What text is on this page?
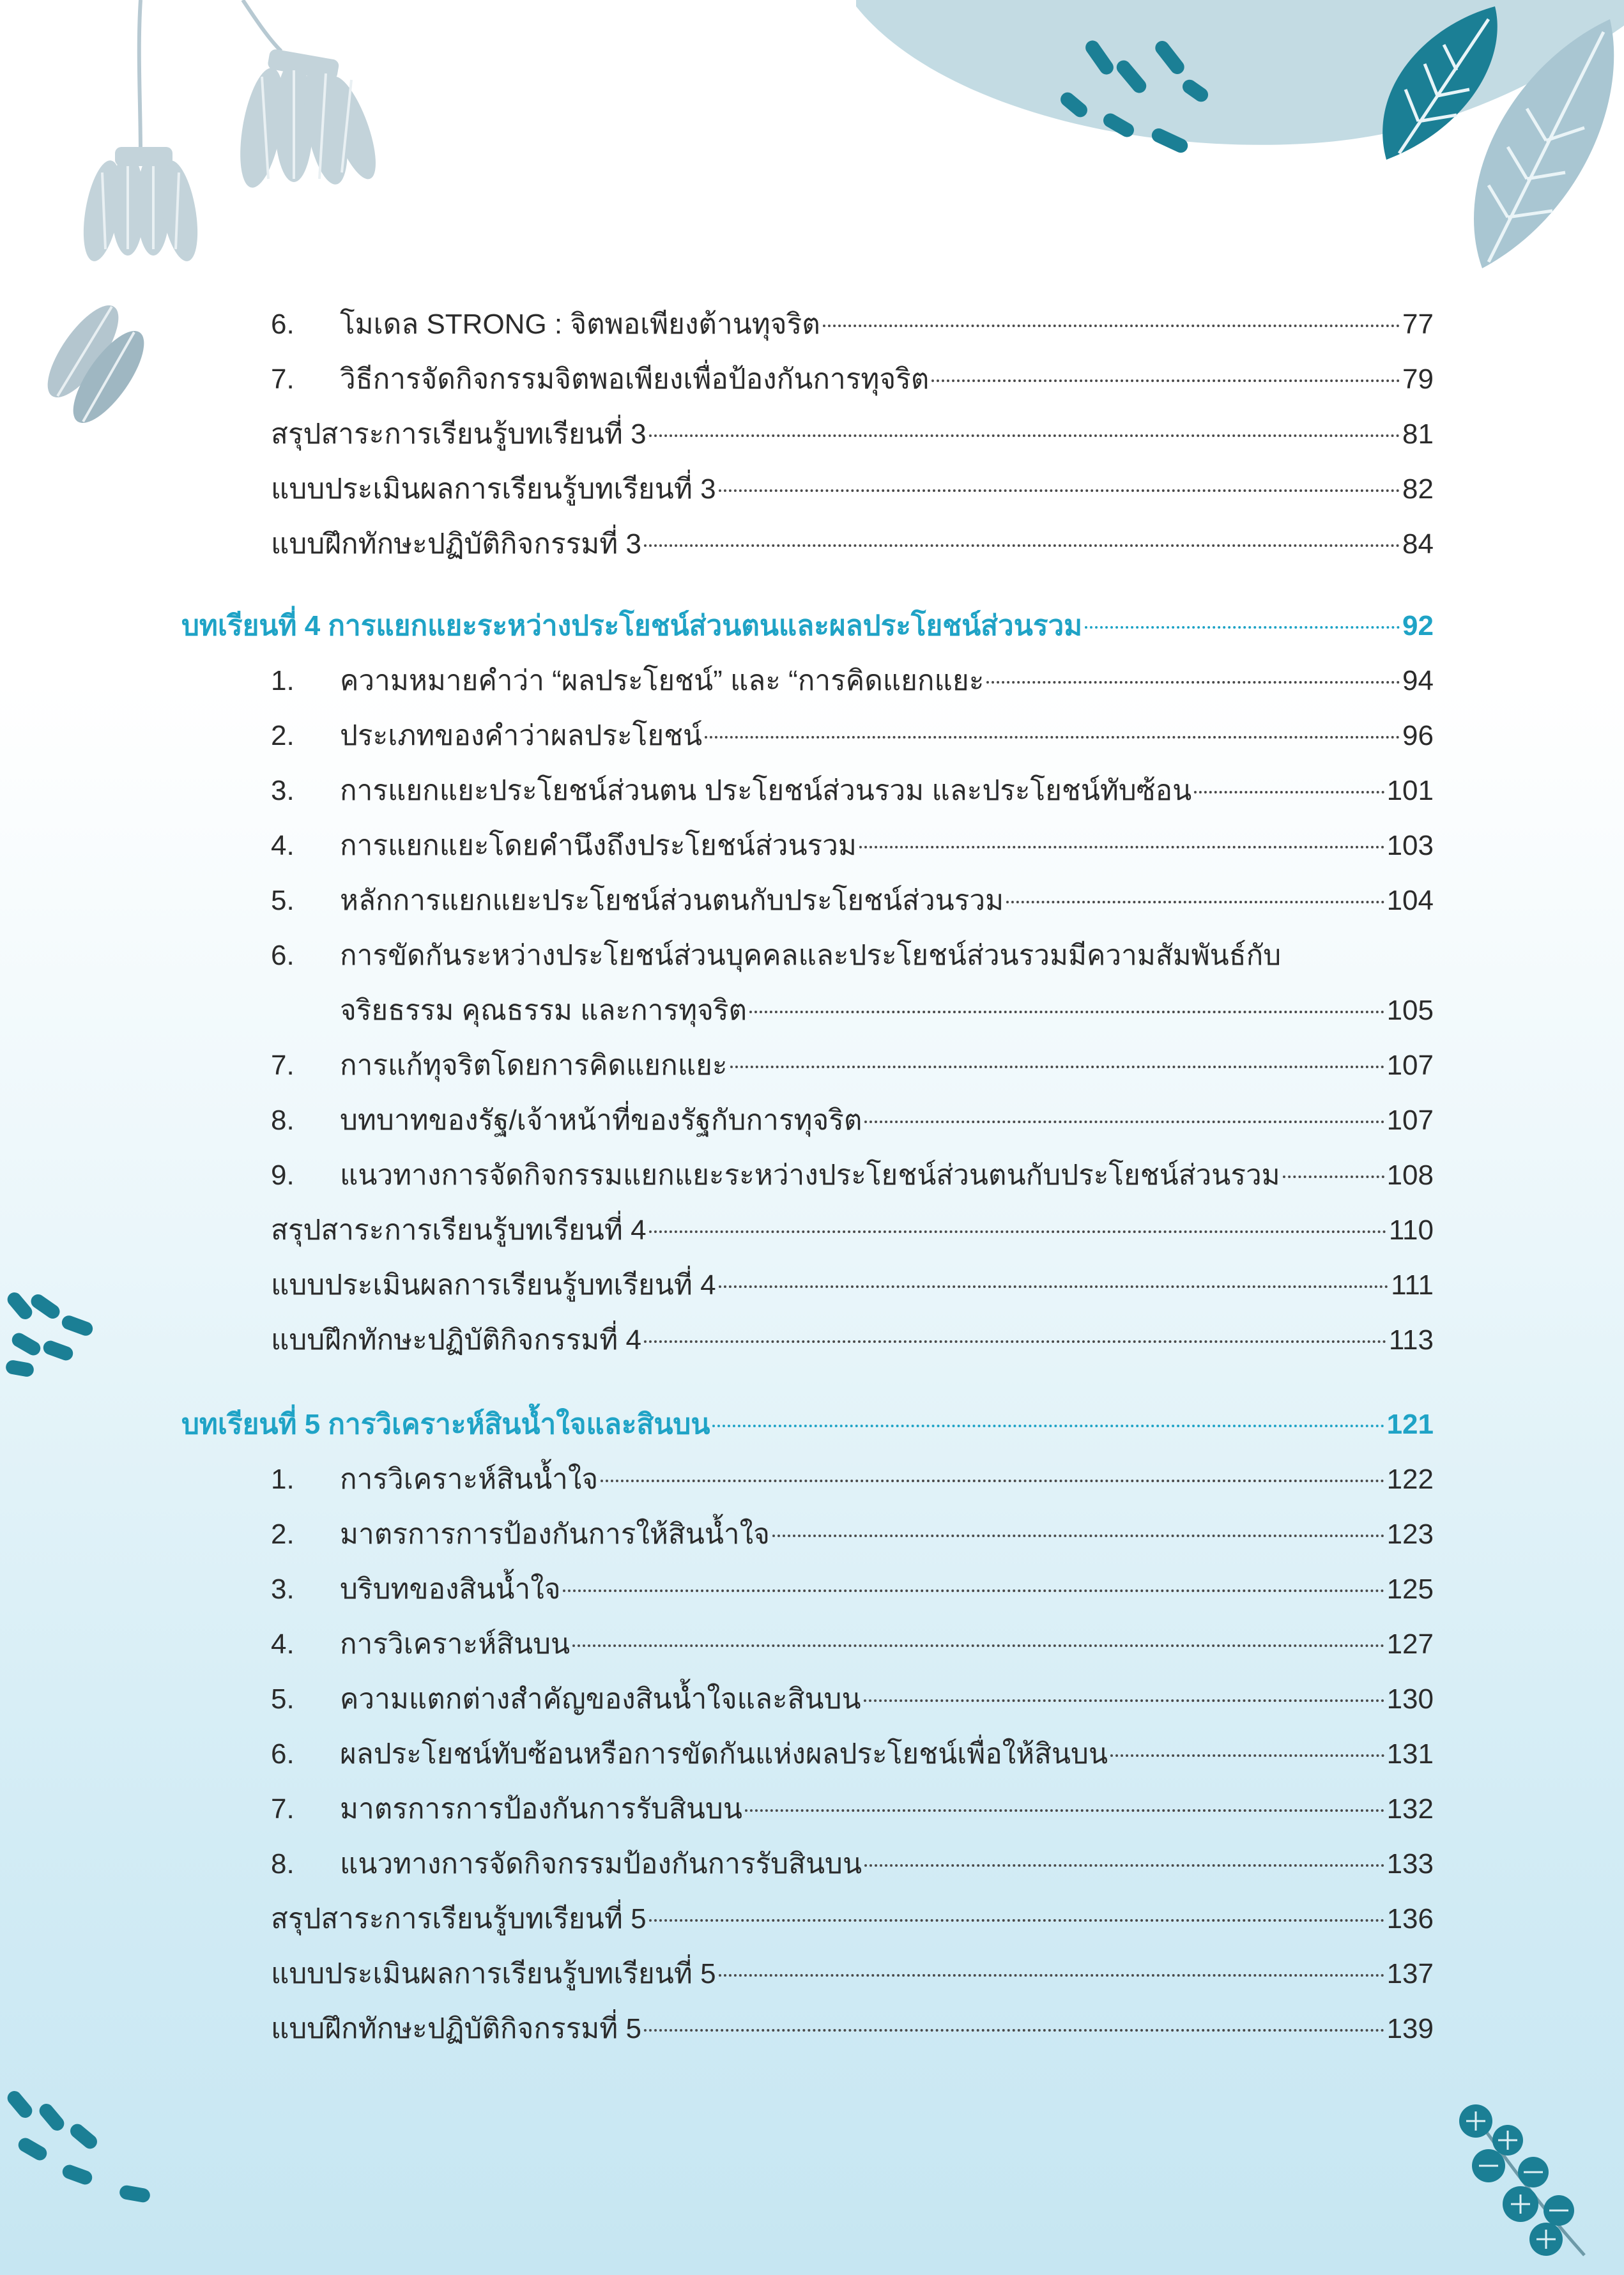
6.	โมเดล STRONG : จิตพอเพียงต้านทุจริต	77
7.	วิธีการจัดกิจกรรมจิตพอเพียงเพื่อป้องกันการทุจริต	79
สรุปสาระการเรียนรู้บทเรียนที่ 3	81
แบบประเมินผลการเรียนรู้บทเรียนที่ 3	82
แบบฝึกทักษะปฏิบัติกิจกรรมที่ 3	84
บทเรียนที่ 4 การแยกแยะระหว่างประโยชน์ส่วนตนและผลประโยชน์ส่วนรวม	92
1.	ความหมายคำว่า “ผลประโยชน์” และ “การคิดแยกแยะ	94
2.	ประเภทของคำว่าผลประโยชน์	96
3.	การแยกแยะประโยชน์ส่วนตน ประโยชน์ส่วนรวม และประโยชน์ทับซ้อน	101
4.	การแยกแยะโดยคำนึงถึงประโยชน์ส่วนรวม	103
5.	หลักการแยกแยะประโยชน์ส่วนตนกับประโยชน์ส่วนรวม	104
6.	การขัดกันระหว่างประโยชน์ส่วนบุคคลและประโยชน์ส่วนรวมมีความสัมพันธ์กับ
จริยธรรม คุณธรรม และการทุจริต	105
7.	การแก้ทุจริตโดยการคิดแยกแยะ	107
8.	บทบาทของรัฐ/เจ้าหน้าที่ของรัฐกับการทุจริต	107
9.	แนวทางการจัดกิจกรรมแยกแยะระหว่างประโยชน์ส่วนตนกับประโยชน์ส่วนรวม	108
สรุปสาระการเรียนรู้บทเรียนที่ 4	110
แบบประเมินผลการเรียนรู้บทเรียนที่ 4	111
แบบฝึกทักษะปฏิบัติกิจกรรมที่ 4	113
บทเรียนที่ 5 การวิเคราะห์สินน้ำใจและสินบน	121
1.	การวิเคราะห์สินน้ำใจ	122
2.	มาตรการการป้องกันการให้สินน้ำใจ	123
3.	บริบทของสินน้ำใจ	125
4.	การวิเคราะห์สินบน	127
5.	ความแตกต่างสำคัญของสินน้ำใจและสินบน	130
6.	ผลประโยชน์ทับซ้อนหรือการขัดกันแห่งผลประโยชน์เพื่อให้สินบน	131
7.	มาตรการการป้องกันการรับสินบน	132
8.	แนวทางการจัดกิจกรรมป้องกันการรับสินบน	133
สรุปสาระการเรียนรู้บทเรียนที่ 5	136
แบบประเมินผลการเรียนรู้บทเรียนที่ 5	137
แบบฝึกทักษะปฏิบัติกิจกรรมที่ 5	139
